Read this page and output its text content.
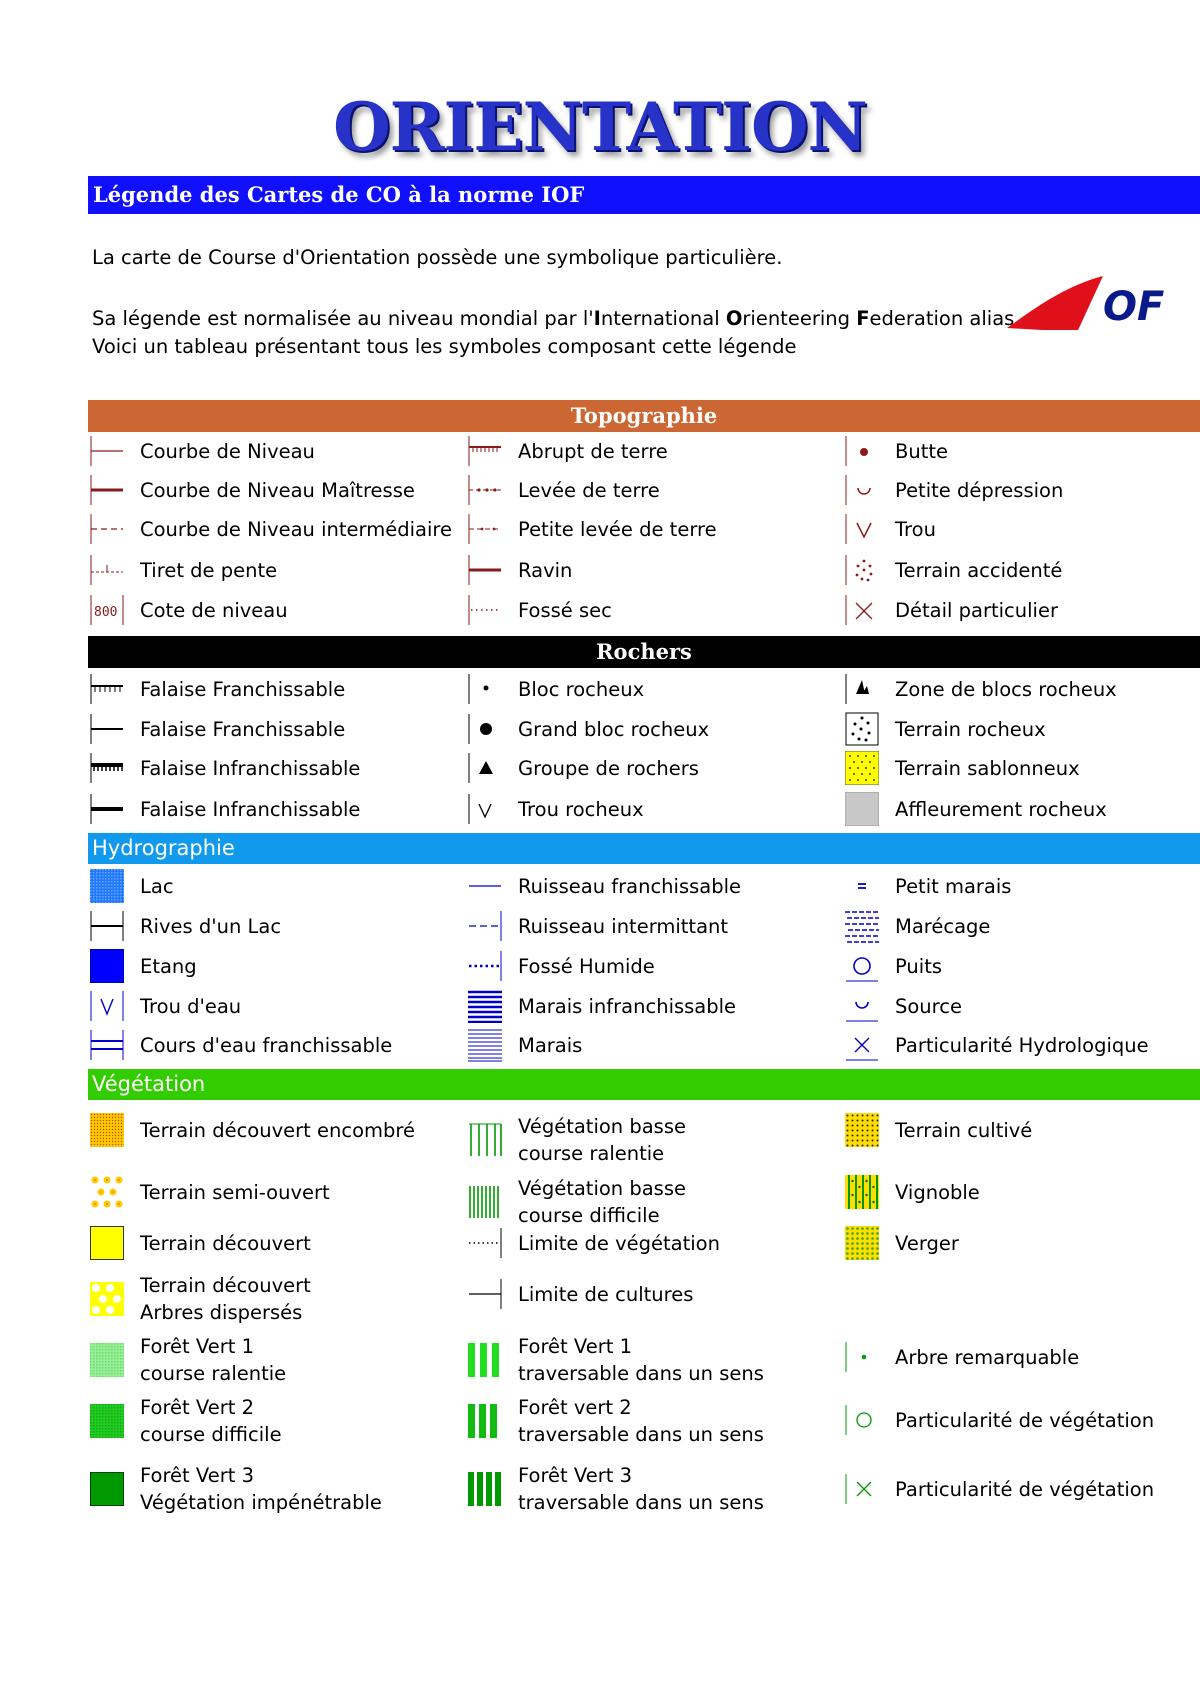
ORIENTATION
Légende des Cartes de CO à la norme IOF
La carte de Course d'Orientation possède une symbolique particulière.
Sa légende est normalisée au niveau mondial par l'International Orienteering Federation alias
Voici un tableau présentant tous les symboles composant cette légende
OF
Topographie
Courbe de Niveau
Courbe de Niveau Maîtresse
Courbe de Niveau intermédiaire
Tiret de pente
800 Cote de niveau
Abrupt de terre
Levée de terre
Petite levée de terre
Ravin
Fossé sec
Butte
Petite dépression
Trou
Terrain accidenté
Détail particulier
Rochers
Falaise Franchissable
Falaise Franchissable
Falaise Infranchissable
Falaise Infranchissable
Bloc rocheux
Grand bloc rocheux
Groupe de rochers
Trou rocheux
Zone de blocs rocheux
Terrain rocheux
Terrain sablonneux
Affleurement rocheux
Hydrographie
Lac
Rives d'un Lac
Etang
Trou d'eau
Cours d'eau franchissable
Ruisseau franchissable
Ruisseau intermittant
Fossé Humide
Marais infranchissable
Marais
Petit marais
Marécage
Puits
Source
Particularité Hydrologique
Végétation
Terrain découvert encombré
Terrain semi-ouvert
Terrain découvert
Terrain découvert
Arbres dispersés
Forêt Vert 1
course ralentie
Forêt Vert 2
course difficile
Forêt Vert 3
Végétation impénétrable
Végétation basse
course ralentie
Végétation basse
course difficile
Limite de végétation
Limite de cultures
Forêt Vert 1
traversable dans un sens
Forêt vert 2
traversable dans un sens
Forêt Vert 3
traversable dans un sens
Terrain cultivé
Vignoble
Verger
Arbre remarquable
Particularité de végétation
Particularité de végétation
